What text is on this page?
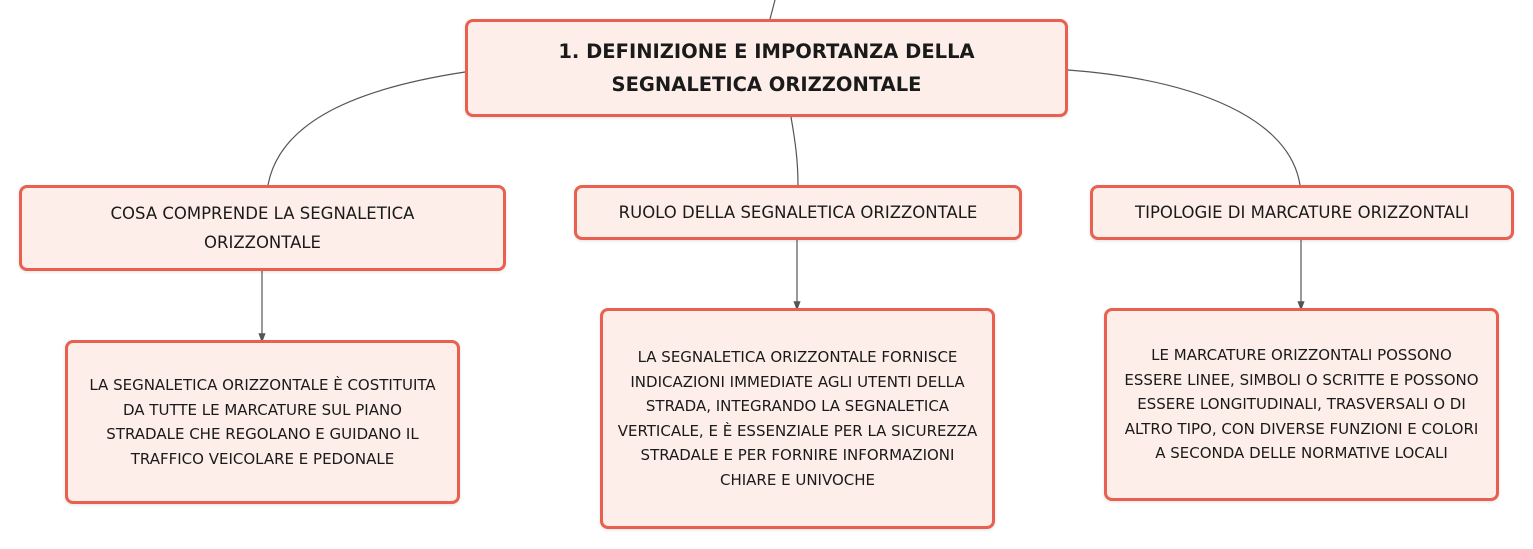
1. DEFINIZIONE E IMPORTANZA DELLA
SEGNALETICA ORIZZONTALE
COSA COMPRENDE LA SEGNALETICA ORIZZONTALE
RUOLO DELLA SEGNALETICA ORIZZONTALE	TIPOLOGIE DI MARCATURE ORIZZONTALI
LA SEGNALETICA ORIZZONTALE È COSTITUITA DA TUTTE LE MARCATURE SUL PIANO STRADALE CHE REGOLANO E GUIDANO IL TRAFFICO VEICOLARE E PEDONALE
LA SEGNALETICA ORIZZONTALE FORNISCE INDICAZIONI IMMEDIATE AGLI UTENTI DELLA STRADA, INTEGRANDO LA SEGNALETICA VERTICALE, E È ESSENZIALE PER LA SICUREZZA STRADALE E PER FORNIRE INFORMAZIONI CHIARE E UNIVOCHE
LE MARCATURE ORIZZONTALI POSSONO ESSERE LINEE, SIMBOLI O SCRITTE E POSSONO ESSERE LONGITUDINALI, TRASVERSALI O DI ALTRO TIPO, CON DIVERSE FUNZIONI E COLORI A SECONDA DELLE NORMATIVE LOCALI
